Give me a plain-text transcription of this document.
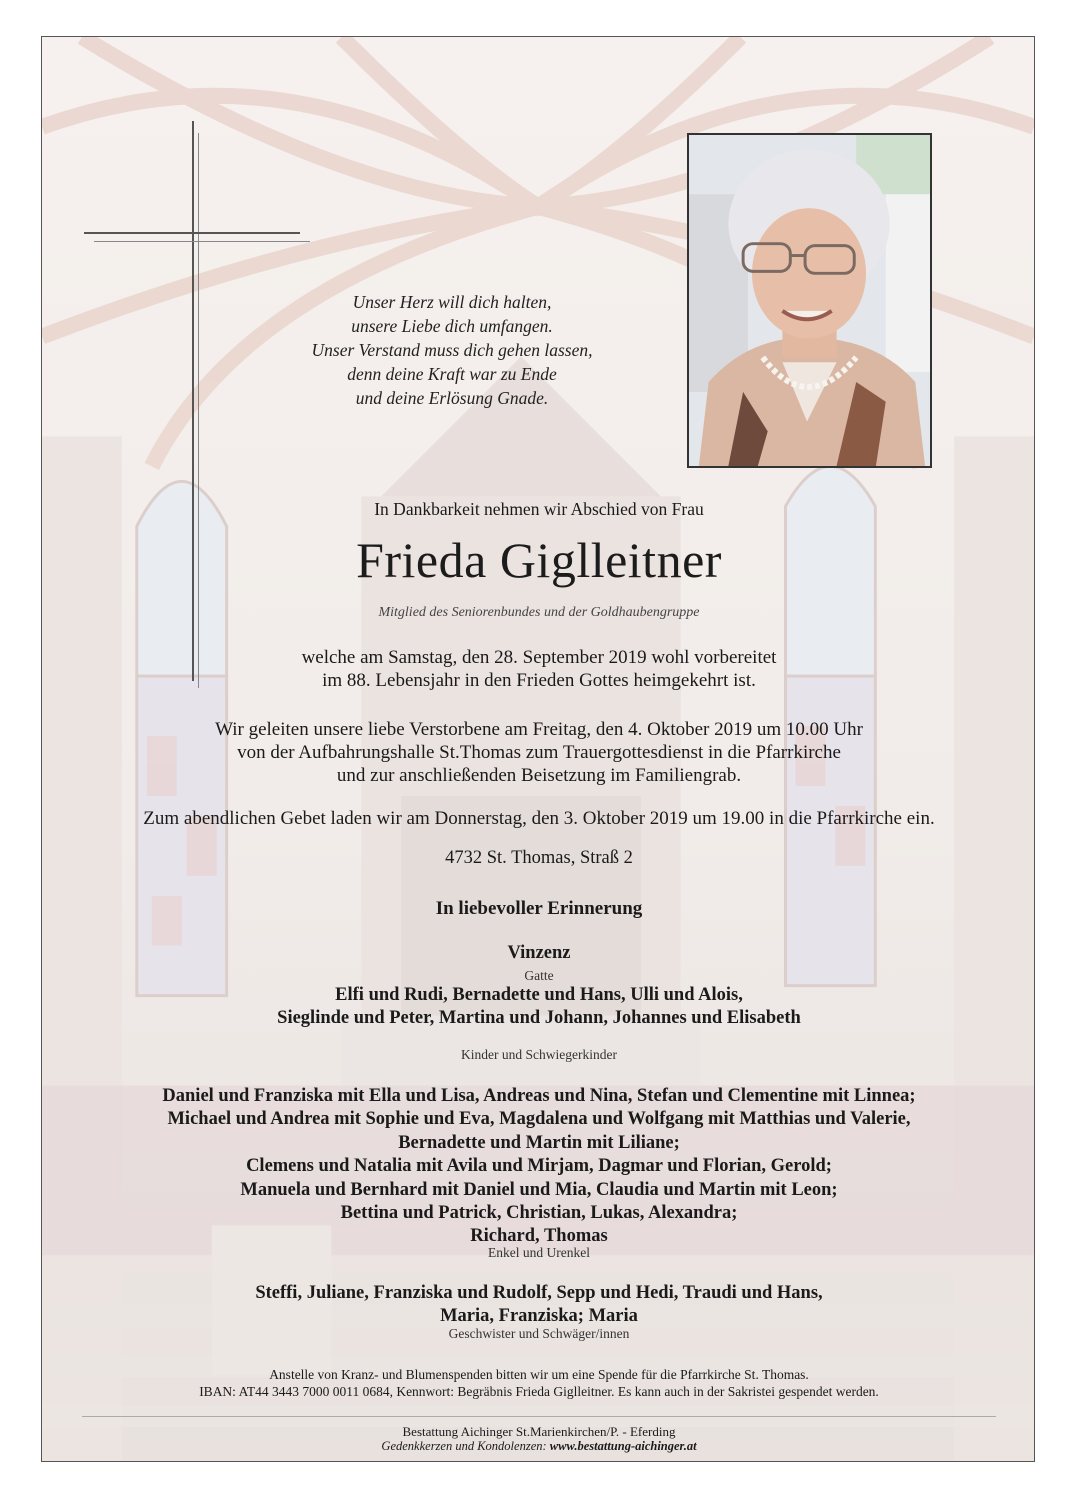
Unser Herz will dich halten,
unsere Liebe dich umfangen.
Unser Verstand muss dich gehen lassen,
denn deine Kraft war zu Ende
und deine Erlösung Gnade.
In Dankbarkeit nehmen wir Abschied von Frau
Frieda Giglleitner
Mitglied des Seniorenbundes und der Goldhaubengruppe
welche am Samstag, den 28. September 2019 wohl vorbereitet
im 88. Lebensjahr in den Frieden Gottes heimgekehrt ist.
Wir geleiten unsere liebe Verstorbene am Freitag, den 4. Oktober 2019 um 10.00 Uhr
von der Aufbahrungshalle St.Thomas zum Trauergottesdienst in die Pfarrkirche
und zur anschließenden Beisetzung im Familiengrab.
Zum abendlichen Gebet laden wir am Donnerstag, den 3. Oktober 2019 um 19.00 in die Pfarrkirche ein.
4732 St. Thomas, Straß 2
In liebevoller Erinnerung
Vinzenz
Gatte
Elfi und Rudi, Bernadette und Hans, Ulli und Alois,
Sieglinde und Peter, Martina und Johann, Johannes und Elisabeth
Kinder und Schwiegerkinder
Daniel und Franziska mit Ella und Lisa, Andreas und Nina, Stefan und Clementine mit Linnea;
Michael und Andrea mit Sophie und Eva, Magdalena und Wolfgang mit Matthias und Valerie,
Bernadette und Martin mit Liliane;
Clemens und Natalia mit Avila und Mirjam, Dagmar und Florian, Gerold;
Manuela und Bernhard mit Daniel und Mia, Claudia und Martin mit Leon;
Bettina und Patrick, Christian, Lukas, Alexandra;
Richard, Thomas
Enkel und Urenkel
Steffi, Juliane, Franziska und Rudolf, Sepp und Hedi, Traudi und Hans,
Maria, Franziska; Maria
Geschwister und Schwäger/innen
Anstelle von Kranz- und Blumenspenden bitten wir um eine Spende für die Pfarrkirche St. Thomas.
IBAN: AT44 3443 7000 0011 0684, Kennwort: Begräbnis Frieda Giglleitner. Es kann auch in der Sakristei gespendet werden.
Bestattung Aichinger St.Marienkirchen/P. - Eferding
Gedenkkerzen und Kondolenzen: www.bestattung-aichinger.at
